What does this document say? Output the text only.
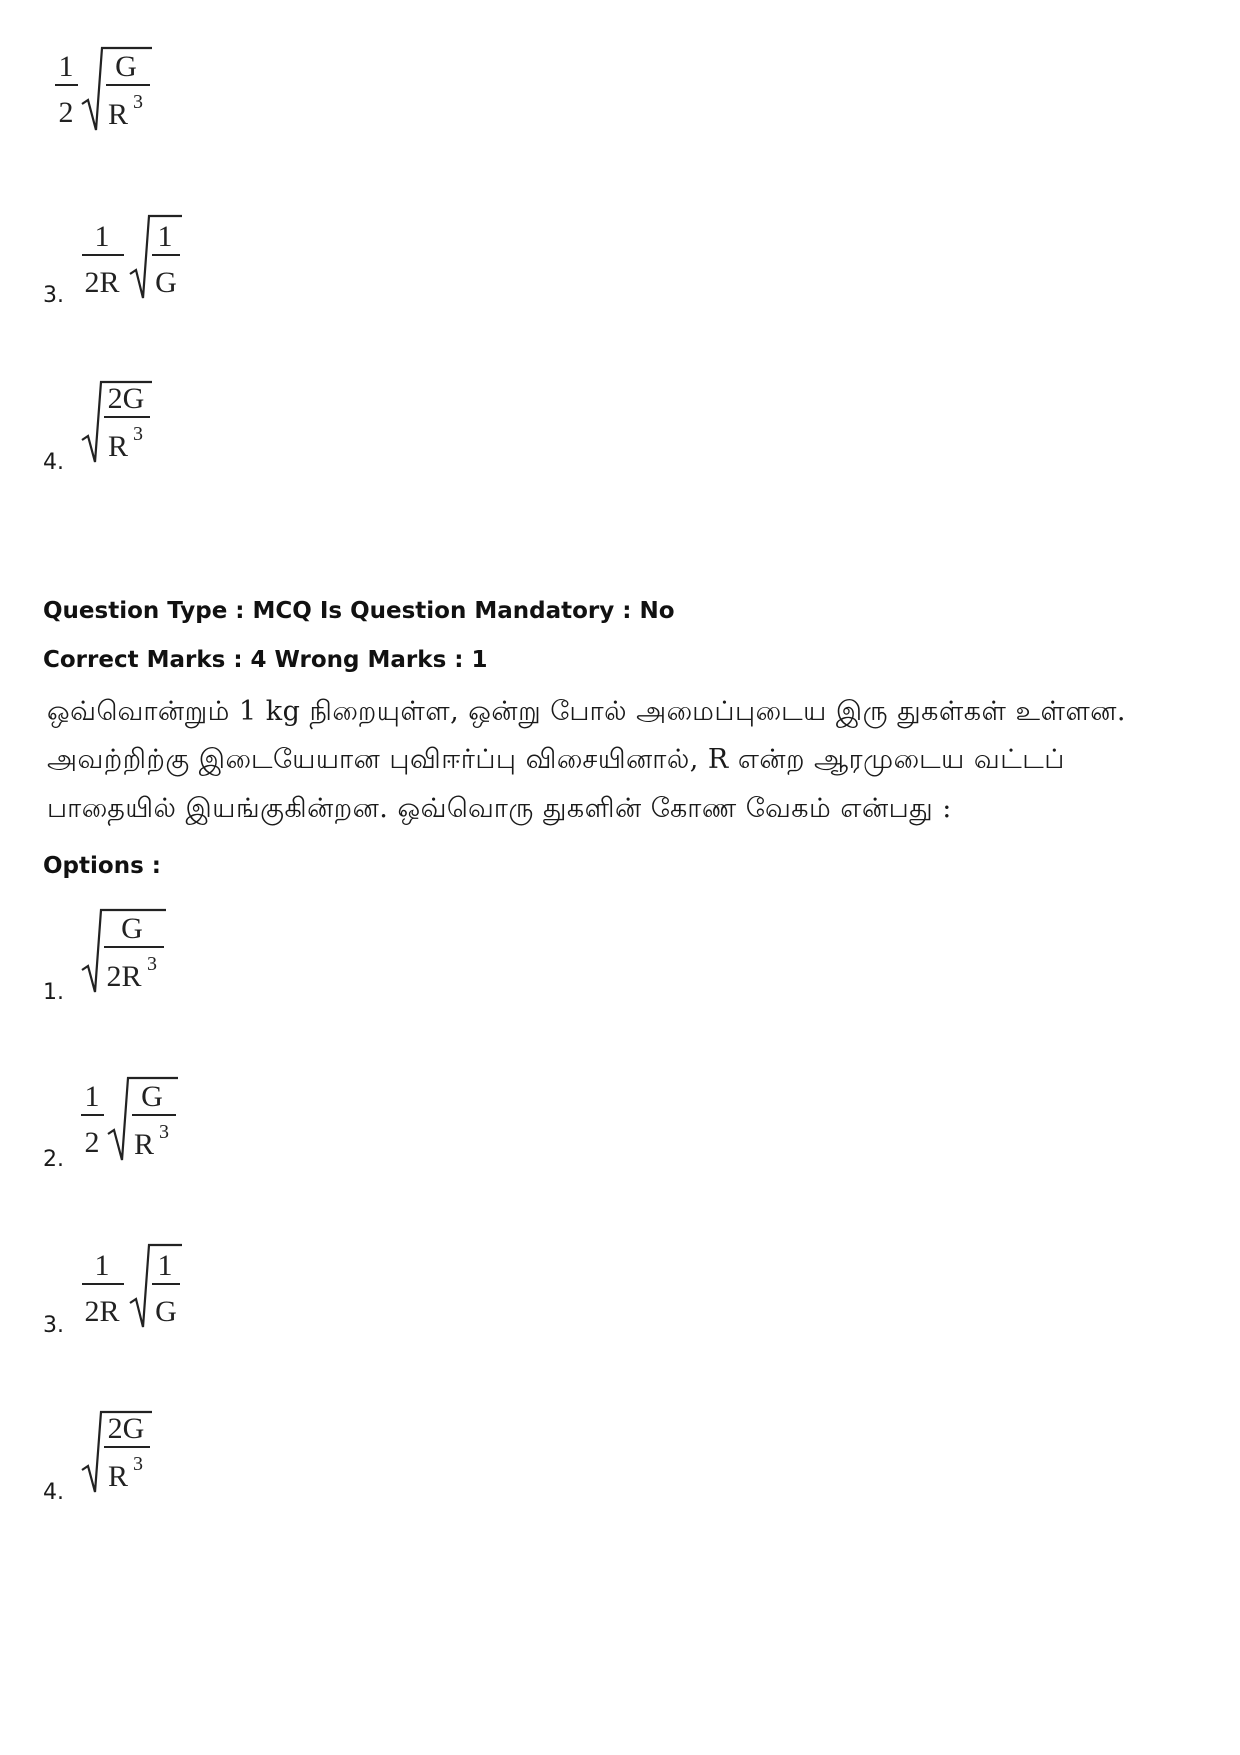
1
2
G
R 3
3.
1
2R
1
G
4.
2G
R 3
Question Type : MCQ Is Question Mandatory : No
Correct Marks : 4 Wrong Marks : 1
ஒவ்வொன்றும் 1 kg நிறையுள்ள, ஒன்று போல் அமைப்புடைய இரு துகள்கள் உள்ளன.
அவற்றிற்கு இடையேயான புவிஈர்ப்பு விசையினால், R என்ற ஆரமுடைய வட்டப்
பாதையில் இயங்குகின்றன. ஒவ்வொரு துகளின் கோண வேகம் என்பது :
Options :
1.
G
2R 3
2.
1
2
G
R 3
3.
1
2R
1
G
4.
2G
R 3
